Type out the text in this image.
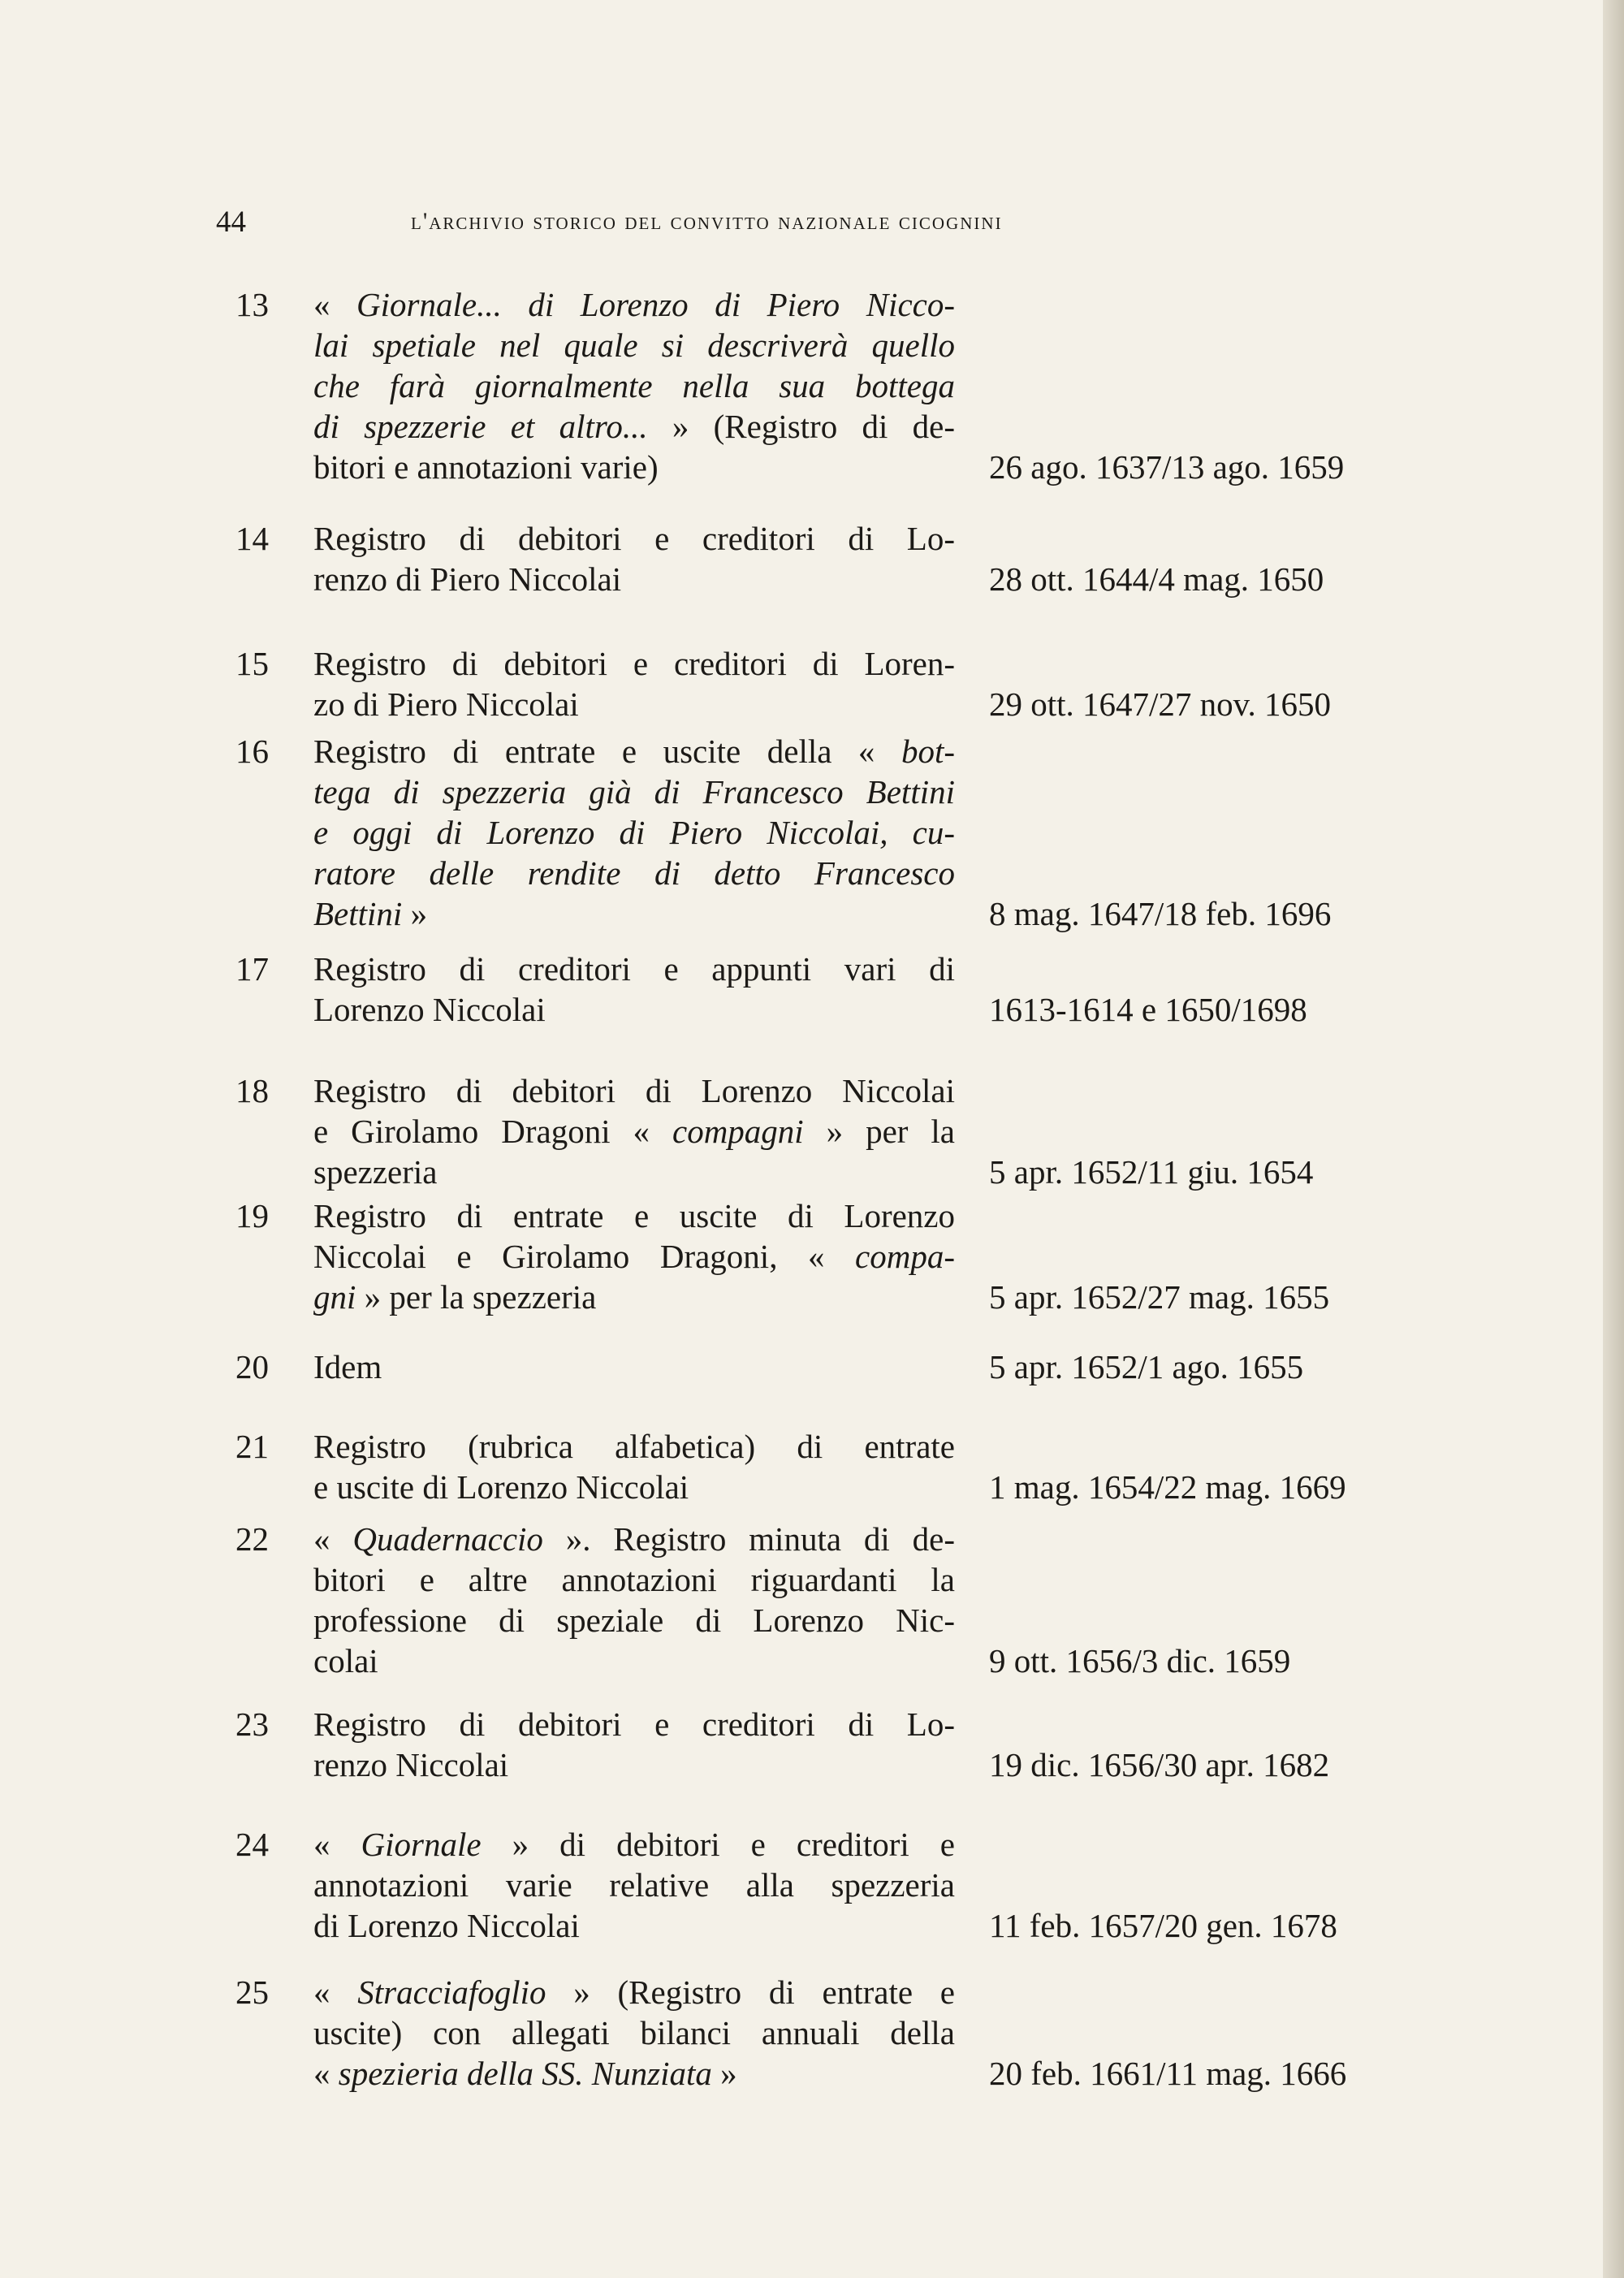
44	l'archivio storico del convitto nazionale cicognini
13 « Giornale... di Lorenzo di Piero Nicco-
lai spetiale nel quale si descriverà quello
che farà giornalmente nella sua bottega
di spezzerie et altro... » (Registro di de-
bitori e annotazioni varie)	26 ago. 1637/13 ago. 1659
14 Registro di debitori e creditori di Lo-
renzo di Piero Niccolai	28 ott. 1644/4 mag. 1650
15 Registro di debitori e creditori di Loren-
zo di Piero Niccolai	29 ott. 1647/27 nov. 1650
16 Registro di entrate e uscite della « bot-
tega di spezzeria già di Francesco Bettini
e oggi di Lorenzo di Piero Niccolai, cu-
ratore delle rendite di detto Francesco
Bettini »	8 mag. 1647/18 feb. 1696
17 Registro di creditori e appunti vari di
Lorenzo Niccolai	1613-1614 e 1650/1698
18 Registro di debitori di Lorenzo Niccolai
e Girolamo Dragoni « compagni » per la
spezzeria	5 apr. 1652/11 giu. 1654
19 Registro di entrate e uscite di Lorenzo
Niccolai e Girolamo Dragoni, « compa-
gni » per la spezzeria	5 apr. 1652/27 mag. 1655
20 Idem	5 apr. 1652/1 ago. 1655
21 Registro (rubrica alfabetica) di entrate
e uscite di Lorenzo Niccolai	1 mag. 1654/22 mag. 1669
22 « Quadernaccio ». Registro minuta di de-
bitori e altre annotazioni riguardanti la
professione di speziale di Lorenzo Nic-
colai	9 ott. 1656/3 dic. 1659
23 Registro di debitori e creditori di Lo-
renzo Niccolai	19 dic. 1656/30 apr. 1682
24 « Giornale » di debitori e creditori e
annotazioni varie relative alla spezzeria
di Lorenzo Niccolai	11 feb. 1657/20 gen. 1678
25 « Stracciafoglio » (Registro di entrate e
uscite) con allegati bilanci annuali della
« spezieria della SS. Nunziata »	20 feb. 1661/11 mag. 1666
